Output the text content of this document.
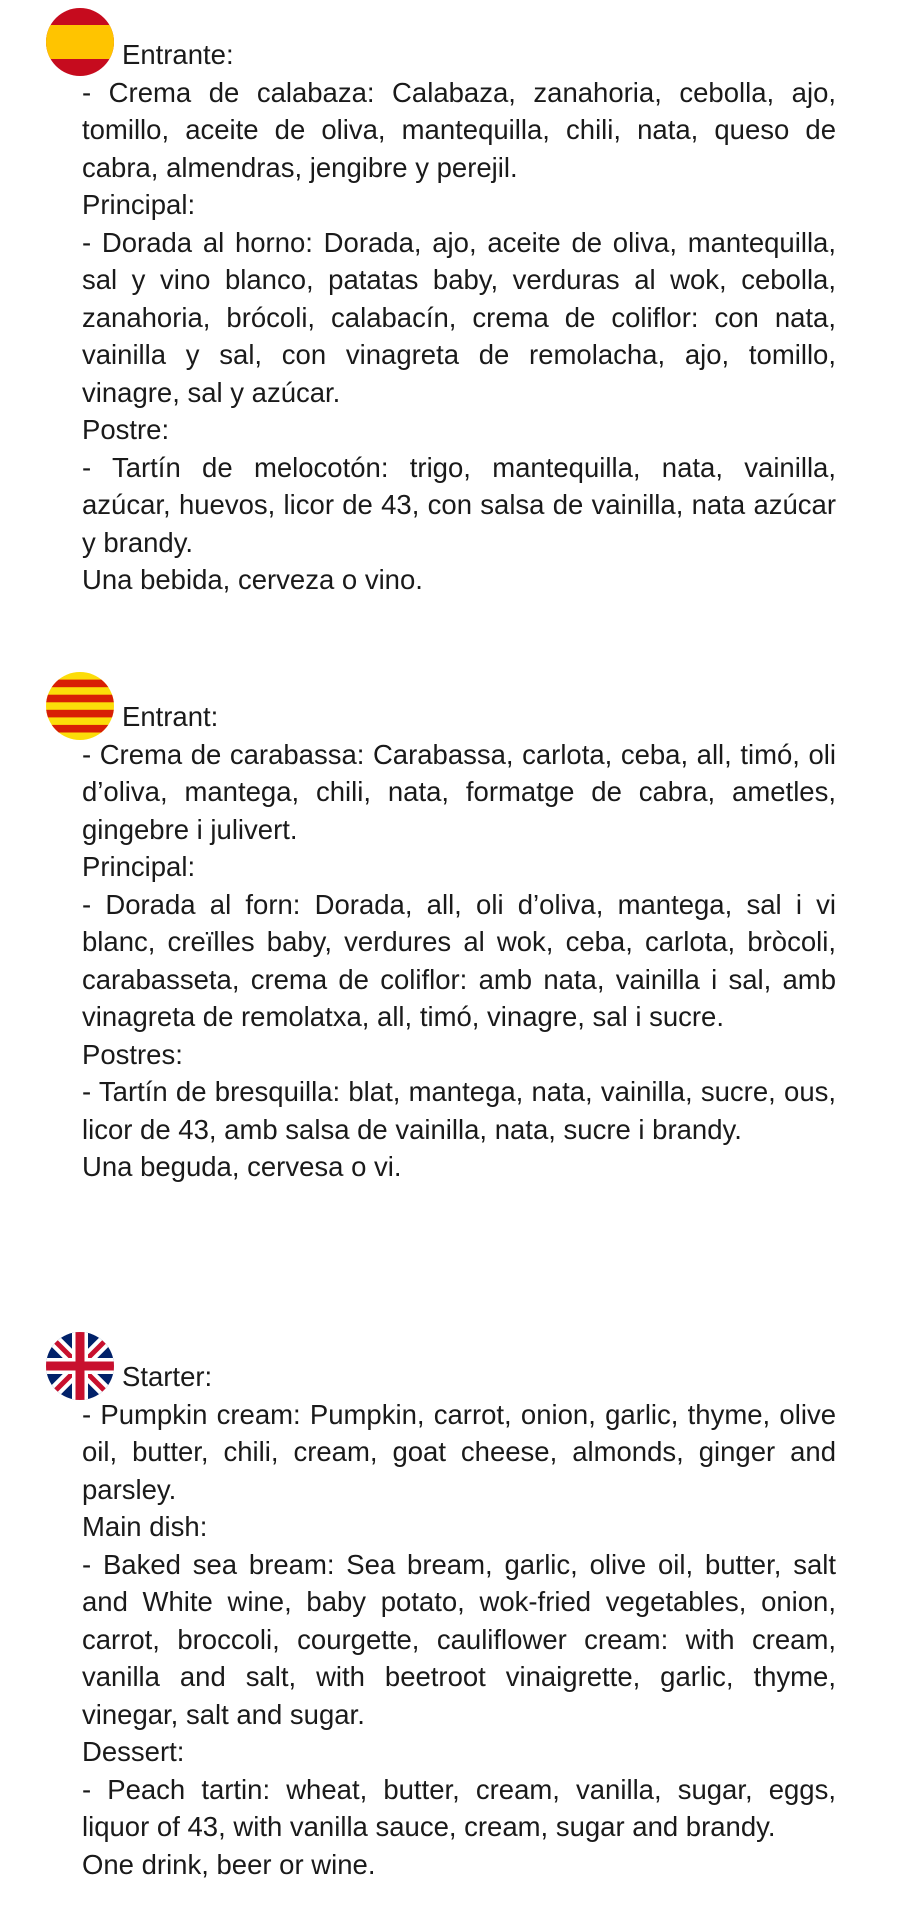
Entrante:

- Crema de calabaza: Calabaza, zanahoria, cebolla, ajo, tomillo, aceite de oliva, mantequilla, chili, nata, queso de cabra, almendras, jengibre y perejil.

Principal:

- Dorada al horno: Dorada, ajo, aceite de oliva, mantequilla, sal y vino blanco, patatas baby, verduras al wok, cebolla, zanahoria, brócoli, calabacín, crema de coliflor: con nata, vainilla y sal, con vinagreta de remolacha, ajo, tomillo, vinagre, sal y azúcar.

Postre:

- Tartín de melocotón: trigo, mantequilla, nata, vainilla, azúcar, huevos, licor de 43, con salsa de vainilla, nata azúcar y brandy.

Una bebida, cerveza o vino.

Entrant:

- Crema de carabassa: Carabassa, carlota, ceba, all, timó, oli d’oliva, mantega, chili, nata, formatge de cabra, ametles, gingebre i julivert.

Principal:

- Dorada al forn: Dorada, all, oli d’oliva, mantega, sal i vi blanc, creïlles baby, verdures al wok, ceba, carlota, bròcoli, carabasseta, crema de coliflor: amb nata, vainilla i sal, amb vinagreta de remolatxa, all, timó, vinagre, sal i sucre.

Postres:

- Tartín de bresquilla: blat, mantega, nata, vainilla, sucre, ous, licor de 43, amb salsa de vainilla, nata, sucre i brandy.

Una beguda, cervesa o vi.

Starter:

- Pumpkin cream: Pumpkin, carrot, onion, garlic, thyme, olive oil, butter, chili, cream, goat cheese, almonds, ginger and parsley.

Main dish:

- Baked sea bream: Sea bream, garlic, olive oil, butter, salt and White wine, baby potato, wok-fried vegetables, onion, carrot, broccoli, courgette, cauliflower cream: with cream, vanilla and salt, with beetroot vinaigrette, garlic, thyme, vinegar, salt and sugar.

Dessert:

- Peach tartin: wheat, butter, cream, vanilla, sugar, eggs, liquor of 43, with vanilla sauce, cream, sugar and brandy.

One drink, beer or wine.
